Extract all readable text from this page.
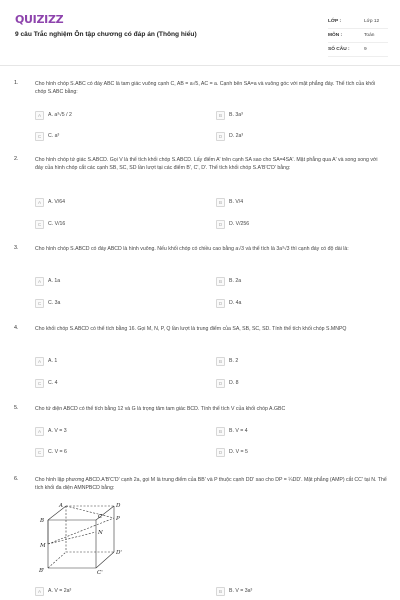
QUIZIZZ
9 câu Trắc nghiệm Ôn tập chương có đáp án (Thông hiểu)
LỚP :	Lớp 12
MÔN :	Toán
SỐ CÂU :	9
1.	Cho hình chóp S.ABC có đáy ABC là tam giác vuông cạnh C, AB = a√5, AC = a. Cạnh bên SA=a và vuông góc với mặt phẳng đáy. Thể tích của khối chóp S.ABC bằng:
A	A. a³√5 / 2	B	B. 3a³
C	C. a³	D	D. 2a³
2.	Cho hình chóp tứ giác S.ABCD. Gọi V là thể tích khối chóp S.ABCD. Lấy điểm A' trên cạnh SA sao cho SA=4SA'. Mặt phẳng qua A' và song song với đáy của hình chóp cắt các cạnh SB, SC, SD lần lượt tại các điểm B', C', D'. Thể tích khối chóp S.A'B'C'D' bằng:
A	A. V/64	B	B. V/4
C	C. V/16	D	D. V/256
3.	Cho hình chóp S.ABCD có đáy ABCD là hình vuông. Nếu khối chóp có chiều cao bằng a√3 và thể tích là 3a³√3 thì cạnh đáy có độ dài là:
A	A. 1a	B	B. 2a
C	C. 3a	D	D. 4a
4.	Cho khối chóp S.ABCD có thể tích bằng 16. Gọi M, N, P, Q lần lượt là trung điểm của SA, SB, SC, SD. Tính thể tích khối chóp S.MNPQ
A	A. 1	B	B. 2
C	C. 4	D	D. 8
5.	Cho tứ diện ABCD có thể tích bằng 12 và G là trọng tâm tam giác BCD. Tính thể tích V của khối chóp A.GBC
A	A. V = 3	B	B. V = 4
C	C. V = 6	D	D. V = 5
6.	Cho hình lập phương ABCD.A'B'C'D' cạnh 2a, gọi M là trung điểm của BB' và P thuộc cạnh DD' sao cho DP = ¼DD'. Mặt phẳng (AMP) cắt CC' tại N. Thể tích khối đa diện AMNPBCD bằng:
A	A. V = 2a³	B	B. V = 3a³
B
A
C
D
M
P
N
B'	C'
D'
